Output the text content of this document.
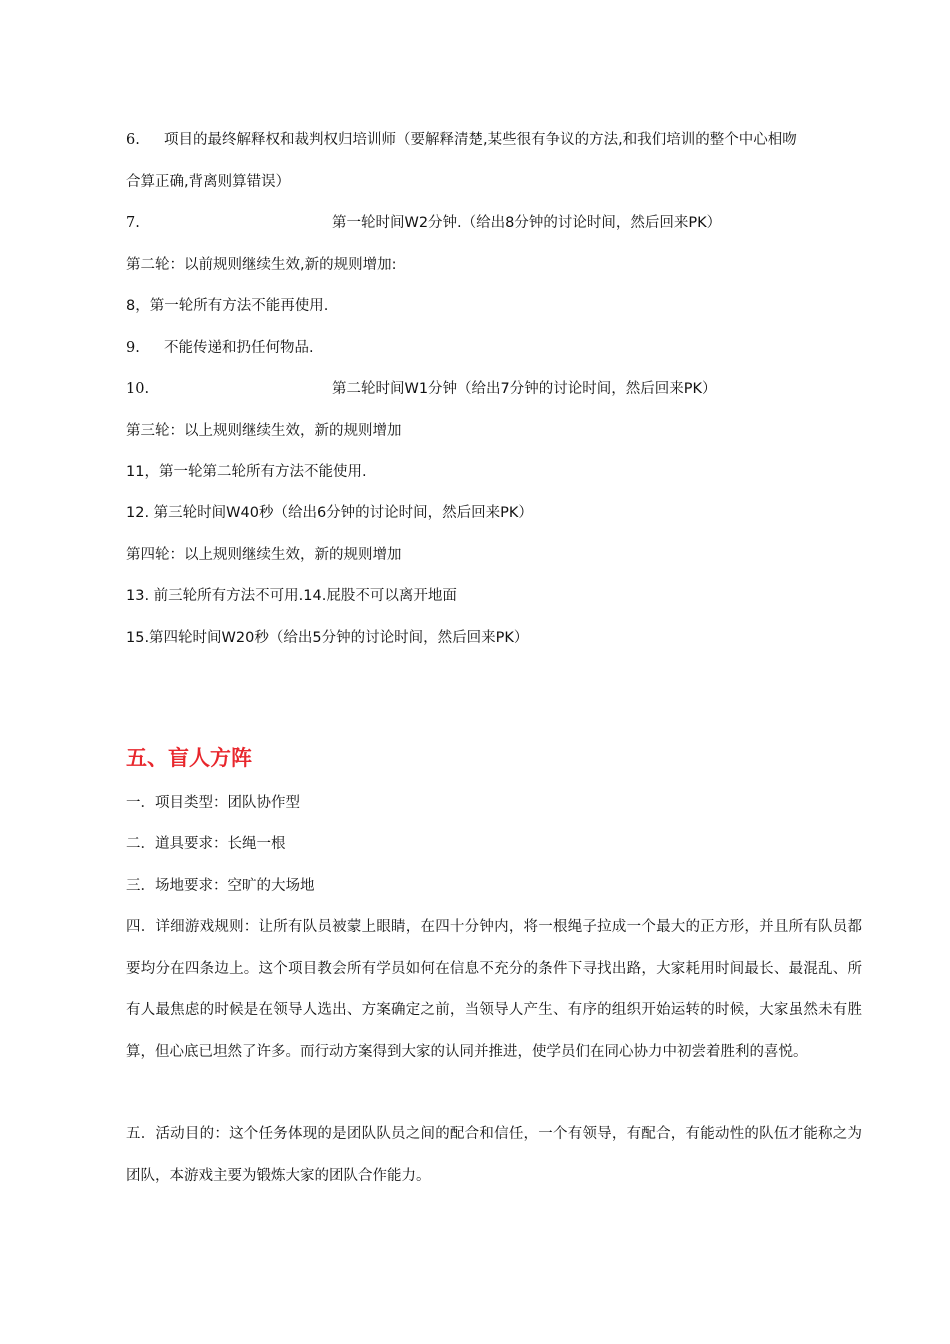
6. 项目的最终解释权和裁判权归培训师（要解释清楚,某些很有争议的方法,和我们培训的整个中心相吻
合算正确,背离则算错误）
7.	第一轮时间W2分钟.（给出8分钟的讨论时间，然后回来PK）
第二轮：以前规则继续生效,新的规则增加:
8，第一轮所有方法不能再使用.
9. 不能传递和扔任何物品.
10.	第二轮时间W1分钟（给出7分钟的讨论时间，然后回来PK）
第三轮：以上规则继续生效，新的规则增加
11，第一轮第二轮所有方法不能使用.
12. 第三轮时间W40秒（给出6分钟的讨论时间，然后回来PK）
第四轮：以上规则继续生效，新的规则增加
13. 前三轮所有方法不可用.14.屁股不可以离开地面
15.第四轮时间W20秒（给出5分钟的讨论时间，然后回来PK）
五、盲人方阵
一．项目类型：团队协作型
二．道具要求：长绳一根
三．场地要求：空旷的大场地
四．详细游戏规则：让所有队员被蒙上眼睛，在四十分钟内，将一根绳子拉成一个最大的正方形，并且所有队员都要均分在四条边上。这个项目教会所有学员如何在信息不充分的条件下寻找出路，大家耗用时间最长、最混乱、所有人最焦虑的时候是在领导人选出、方案确定之前，当领导人产生、有序的组织开始运转的时候，大家虽然未有胜算，但心底已坦然了许多。而行动方案得到大家的认同并推进，使学员们在同心协力中初尝着胜利的喜悦。
五．活动目的：这个任务体现的是团队队员之间的配合和信任，一个有领导，有配合，有能动性的队伍才能称之为团队，本游戏主要为锻炼大家的团队合作能力。
